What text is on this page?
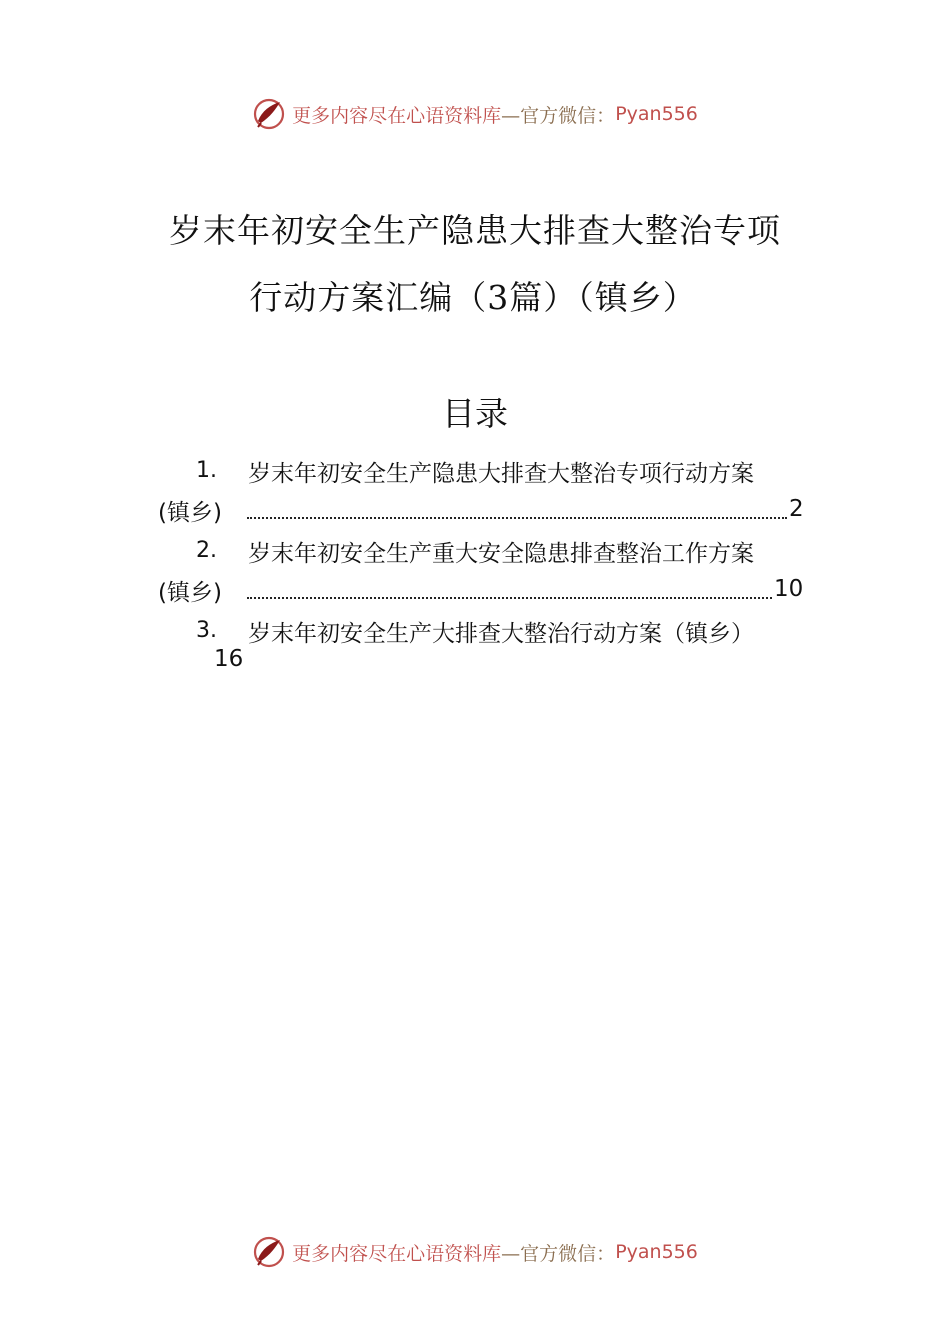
更多内容尽在心语资料库 —官方微信： Pyan556
岁末年初安全生产隐患大排查大整治专项
行动方案汇编（3篇）（镇乡）
目录
1. 岁末年初安全生产隐患大排查大整治专项行动方案
(镇乡)	2
2. 岁末年初安全生产重大安全隐患排查整治工作方案
(镇乡)	10
3. 岁末年初安全生产大排查大整治行动方案（镇乡）
16
更多内容尽在心语资料库 —官方微信： Pyan556
